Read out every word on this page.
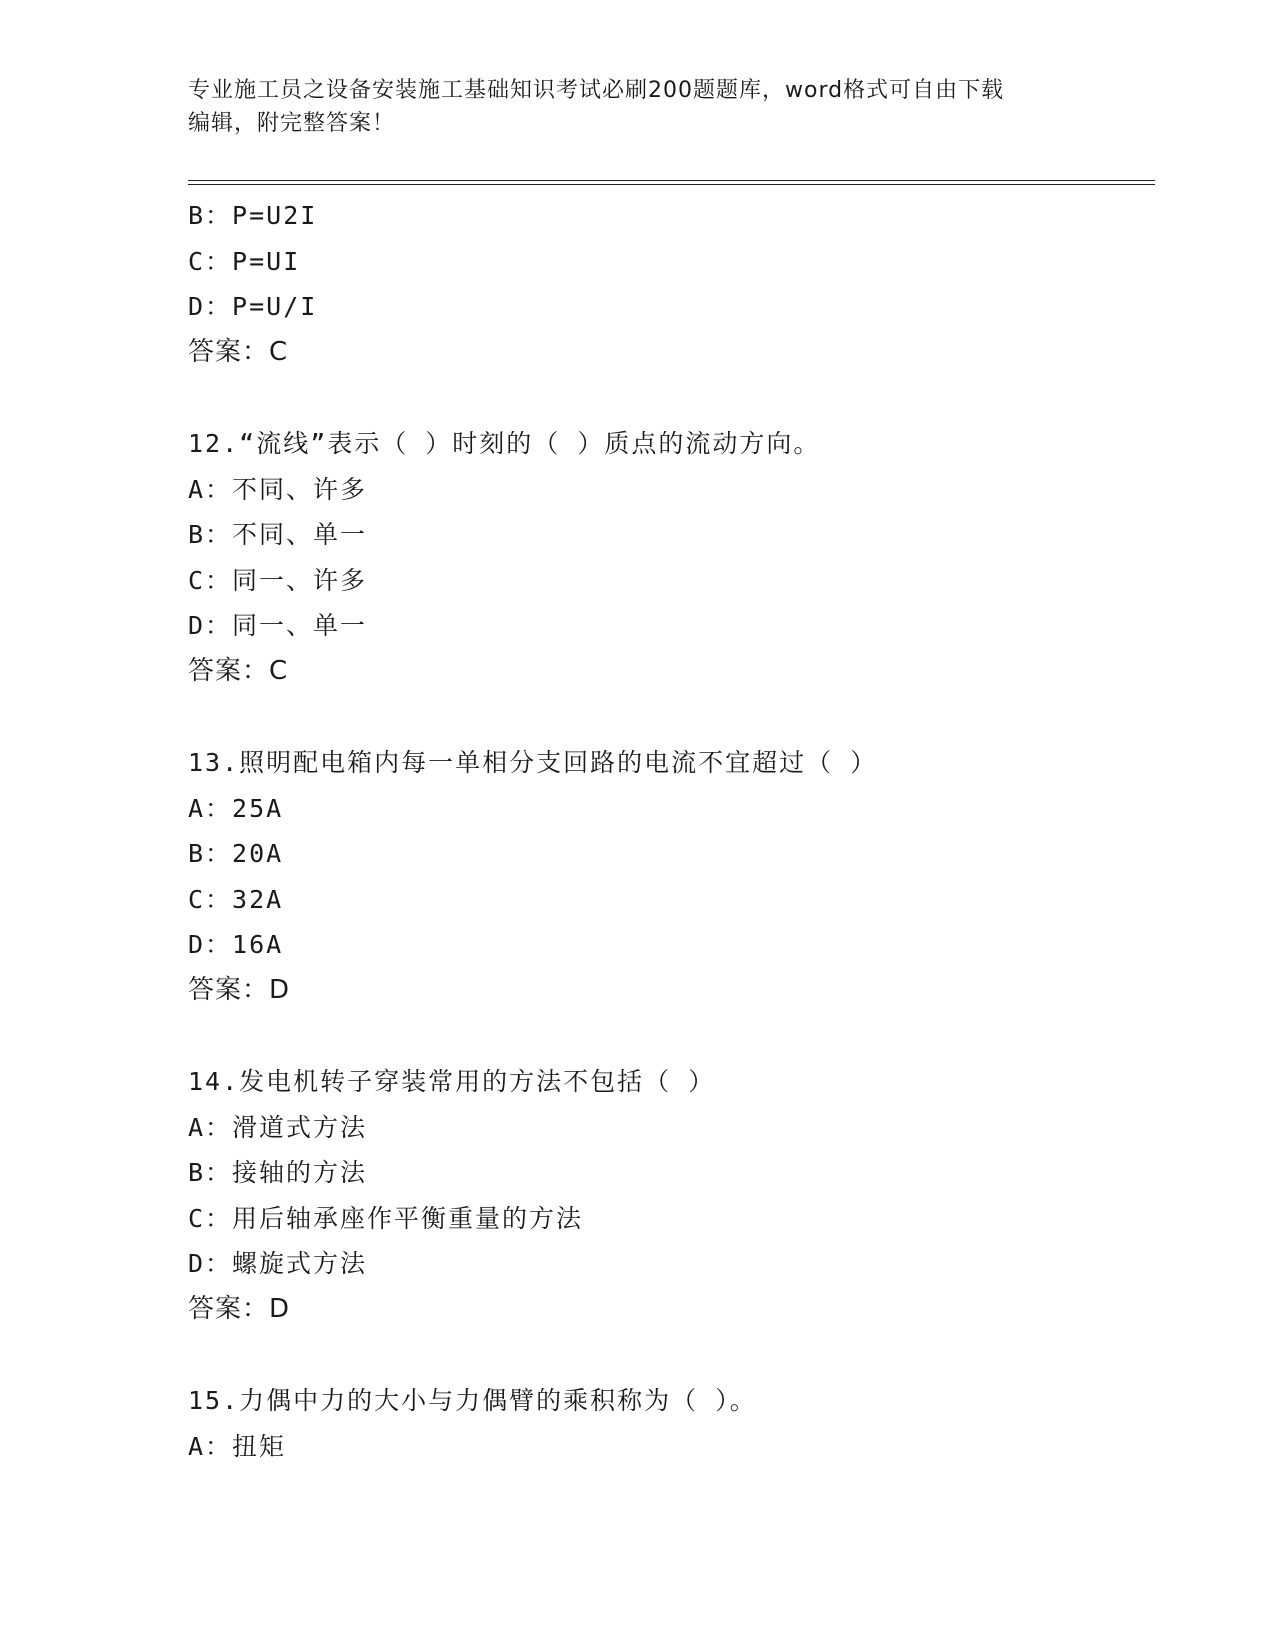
专业施工员之设备安装施工基础知识考试必刷200题题库，word格式可自由下载
编辑，附完整答案！
B：P=U2I
C：P=UI
D：P=U/I
答案：C
12.“流线”表示（ ）时刻的（ ）质点的流动方向。
A：不同、许多
B：不同、单一
C：同一、许多
D：同一、单一
答案：C
13.照明配电箱内每一单相分支回路的电流不宜超过（ ）
A：25A
B：20A
C：32A
D：16A
答案：D
14.发电机转子穿装常用的方法不包括（ ）
A：滑道式方法
B：接轴的方法
C：用后轴承座作平衡重量的方法
D：螺旋式方法
答案：D
15.力偶中力的大小与力偶臂的乘积称为（ ）。
A：扭矩
